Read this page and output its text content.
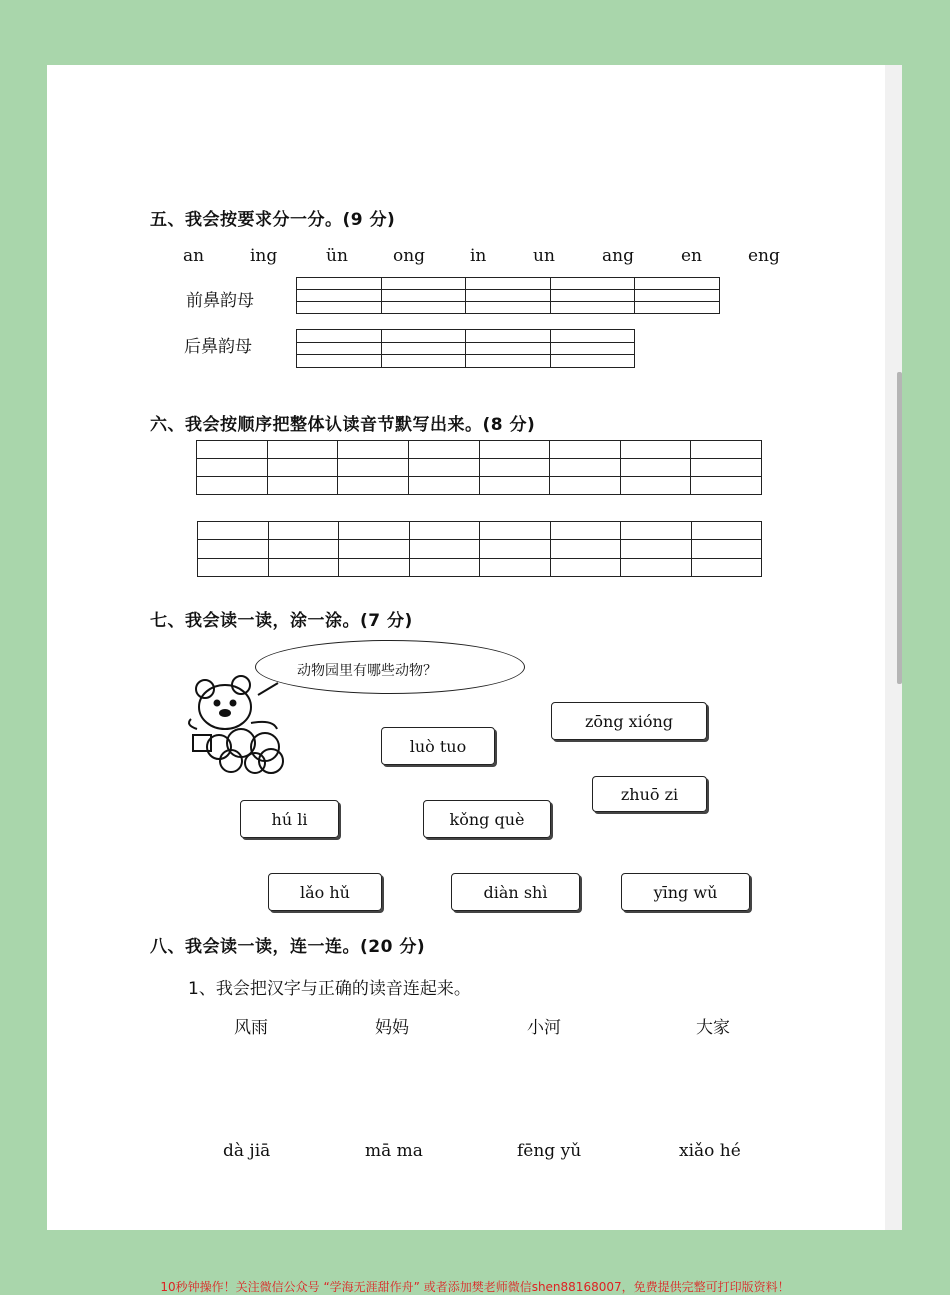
五、我会按要求分一分。(9 分)
an	ing	ün	ong	in	un	ang	en	eng
前鼻韵母

后鼻韵母

六、我会按顺序把整体认读音节默写出来。(8 分)

七、我会读一读，涂一涂。(7 分)
动物园里有哪些动物？
zōng xióng
luò tuo
zhuō zi
hú li	kǒng què
lǎo hǔ	diàn shì	yīng wǔ
八、我会读一读，连一连。(20 分)
1、我会把汉字与正确的读音连起来。
风雨	妈妈	小河	大家
dà jiā	mā ma	fēng yǔ	xiǎo hé
10秒钟操作！关注微信公众号 “学海无涯甜作舟” 或者添加樊老师微信shen88168007，免费提供完整可打印版资料！
